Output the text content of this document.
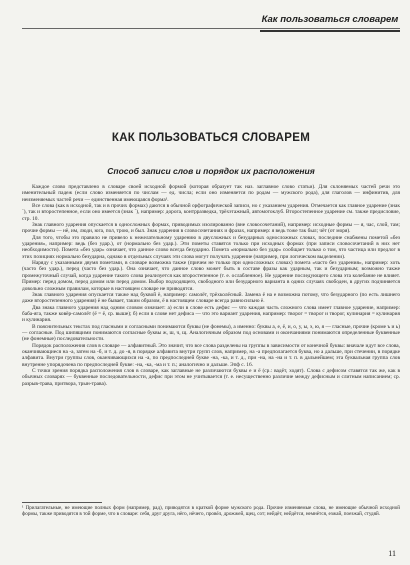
Как пользоваться словарем
КАК ПОЛЬЗОВАТЬСЯ СЛОВАРЕМ
Способ записи слов и порядок их расположения

Каждое слово представлено в словаре своей исходной формой (которая образует так наз. заглавное слово статьи). Для склоняемых частей речи это именительный падеж (если слово изменяется по числам — ед. числа; если оно изменяется по родам — мужского рода), для глаголов — инфинитив, для неизменяемых частей речи — единственная имеющаяся форма¹.

Все слова (как в исходной, так и в прочих формах) даются в обычной орфографической записи, но с указанием ударения. Отмечается как главное ударение (знак ´), так и второстепенное, если оно имеется (знак `), например: дорога, контрразведка, трёхэтажный, автомотоклуб. Второстепенное ударение см. также предисловие, стр. 10.

Знак главного ударения опускается в односложных формах, приводимых изолированно (вне словосочетаний), например: исходные формы — я, час, слой, там; прочие формы — нё, им, люди, юга, пол, трою, и был. Знак ударения в словосочетаниях и фразах, например: я ведь тоже так был; чёт (от моря).

Для того, чтобы это правило не привело к нежелательному ударению в двусложных и безударных односложных словах, последние снабжены пометой «без ударения», например: ведь (без удар.), от (нормально без удар.). Эти пометы ставятся только при исходных формах (при записи словосочетаний в них нет необходимости). Помета «без удар» означает, что данное слово всегда безударно. Помета «нормально без удар» сообщает только о том, что частица или предлог в этих позициях нормально безударна, однако в отдельных случаях эти слова могут получать ударение (например, при логическом выделении).

Наряду с указанными двумя пометами, в словаре возможна также (причем не только при односложных словах) помета «часто без ударения», например: хоть (часто без удар.), перед (часто без удар.). Она означает, что данное слово может быть в составе фразы как ударным, так и безударным; возможно также промежуточный случай, когда ударение такого слова реализуется как второстепенное (т. е. ослабленное). Не ударение последующего слова эта колебание не влияет. Пример: перед домом, перед домом или перед домом. Выбор подходящего, свободного или безударного варианта в одних случаях свободен, в других подчиняется довольно сложным правилам, которые в настоящем словаре не приводятся.

Знак главного ударения опускается также над буквой ё, например: самолёт, трёхколёсный. Замена ё на е возможна потому, что безударного (по есть лишнего даже второстепенного ударения) ё не бывает, таким образом, ё в настоящем словаре всегда равносильно ё.

Два знака главного ударения над одним словом означает: а) если в слове есть дефис — что каждая часть сложного слова имеет главное ударение, например: баба-яга, также ковёр-самолёт (ё = ё, ср. выше); б) если в слове нет дефиса — что это вариант ударения, например: творог = творог и творог, кулинария = кулинария и кулинария.

В пояснительных текстах под гласными и согласными понимаются буквы (не фонемы), а именно: буквы а, е, ё, и, о, у, ы, э, ю, я — гласные, прочие (кроме ъ и ь) — согласные. Под шипящими понимаются согласные буквы ж, ш, ч, щ. Аналогичным образом под основами и окончаниями понимаются определенные буквенные (не фонемные) последовательности.

Порядок расположения слов в словаре — алфавитный. Это значит, что все слова разделены на группы в зависимости от конечной буквы: вначале идут все слова, оканчивающиеся на -а, затем на -б, и т. д. до -я, в порядке алфавита внутри групп слов, например, на -а предполагается буква, но а дальше, при стечении, в порядке алфавита. Внутри группы слов, оканчивающихся на -а, по предпоследней букве -на, -ка, и т. д., при -на, на -на и т. п. в дальнейшем; эта буквальная группа слов внутренне упорядочена по предпоследней букве: -на, -ка, -ма и т. п.; аналогично и дальше. Эпф с. 16.

С точки зрения порядка расположения слов в словаре, как заглавные не различаются буквы е и ё (ср.: вадёт, ходят). Слова с дефисом ставятся так же, как в обычных словарях — буквенные последовательности, дефис при этом не учитывается (т. е. несущественно различие между дефисным и слитным написанием; ср. разрыв-трава, притвора, трын-трава).

¹ Прилагательные, не имеющие полных форм (например, рад), приводятся в краткой форме мужского рода. Прочие изменяемые слова, не имеющие обычной исходной формы, также приводятся в той форме, что в словаре: себя, друг друга, нёго, нёчего, провёл, дрожжей, щец, сот; нейдёт, нейдётся, немнётся, езжай, поезжай, студяй.
11
